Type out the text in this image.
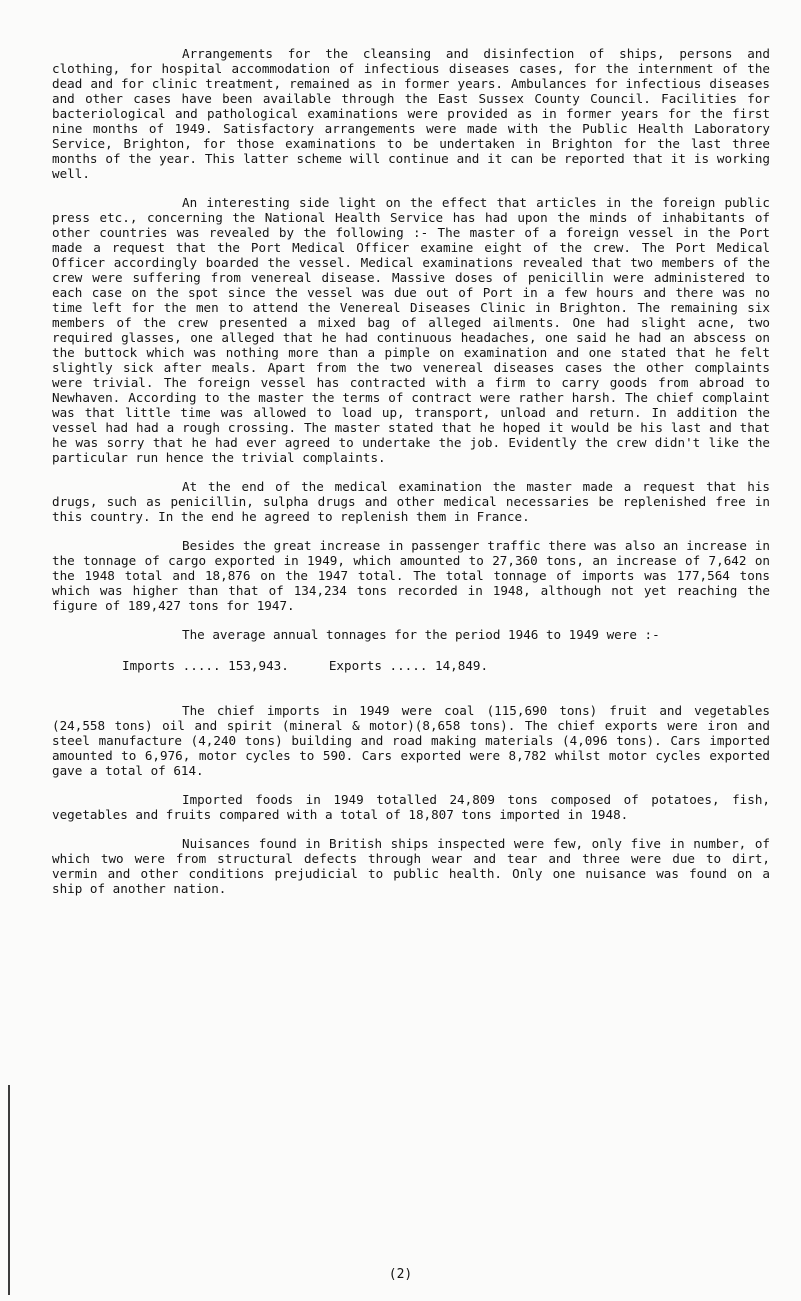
Arrangements for the cleansing and disinfection of ships, persons and clothing, for hospital accommodation of infectious diseases cases, for the internment of the dead and for clinic treatment, remained as in former years. Ambulances for infectious diseases and other cases have been available through the East Sussex County Council. Facilities for bacteriological and pathological examinations were provided as in former years for the first nine months of 1949. Satisfactory arrangements were made with the Public Health Laboratory Service, Brighton, for those examinations to be undertaken in Brighton for the last three months of the year. This latter scheme will continue and it can be reported that it is working well.

An interesting side light on the effect that articles in the foreign public press etc., concerning the National Health Service has had upon the minds of inhabitants of other countries was revealed by the following :- The master of a foreign vessel in the Port made a request that the Port Medical Officer examine eight of the crew. The Port Medical Officer accordingly boarded the vessel. Medical examinations revealed that two members of the crew were suffering from venereal disease. Massive doses of penicillin were administered to each case on the spot since the vessel was due out of Port in a few hours and there was no time left for the men to attend the Venereal Diseases Clinic in Brighton. The remaining six members of the crew presented a mixed bag of alleged ailments. One had slight acne, two required glasses, one alleged that he had continuous headaches, one said he had an abscess on the buttock which was nothing more than a pimple on examination and one stated that he felt slightly sick after meals. Apart from the two venereal diseases cases the other complaints were trivial. The foreign vessel has contracted with a firm to carry goods from abroad to Newhaven. According to the master the terms of contract were rather harsh. The chief complaint was that little time was allowed to load up, transport, unload and return. In addition the vessel had had a rough crossing. The master stated that he hoped it would be his last and that he was sorry that he had ever agreed to undertake the job. Evidently the crew didn't like the particular run hence the trivial complaints.

At the end of the medical examination the master made a request that his drugs, such as penicillin, sulpha drugs and other medical necessaries be replenished free in this country. In the end he agreed to replenish them in France.

Besides the great increase in passenger traffic there was also an increase in the tonnage of cargo exported in 1949, which amounted to 27,360 tons, an increase of 7,642 on the 1948 total and 18,876 on the 1947 total. The total tonnage of imports was 177,564 tons which was higher than that of 134,234 tons recorded in 1948, although not yet reaching the figure of 189,427 tons for 1947.

The average annual tonnages for the period 1946 to 1949 were :-

Imports ..... 153,943.	Exports ..... 14,849.

The chief imports in 1949 were coal (115,690 tons) fruit and vegetables (24,558 tons) oil and spirit (mineral & motor)(8,658 tons). The chief exports were iron and steel manufacture (4,240 tons) building and road making materials (4,096 tons). Cars imported amounted to 6,976, motor cycles to 590. Cars exported were 8,782 whilst motor cycles exported gave a total of 614.

Imported foods in 1949 totalled 24,809 tons composed of potatoes, fish, vegetables and fruits compared with a total of 18,807 tons imported in 1948.

Nuisances found in British ships inspected were few, only five in number, of which two were from structural defects through wear and tear and three were due to dirt, vermin and other conditions prejudicial to public health. Only one nuisance was found on a ship of another nation.

(2)
